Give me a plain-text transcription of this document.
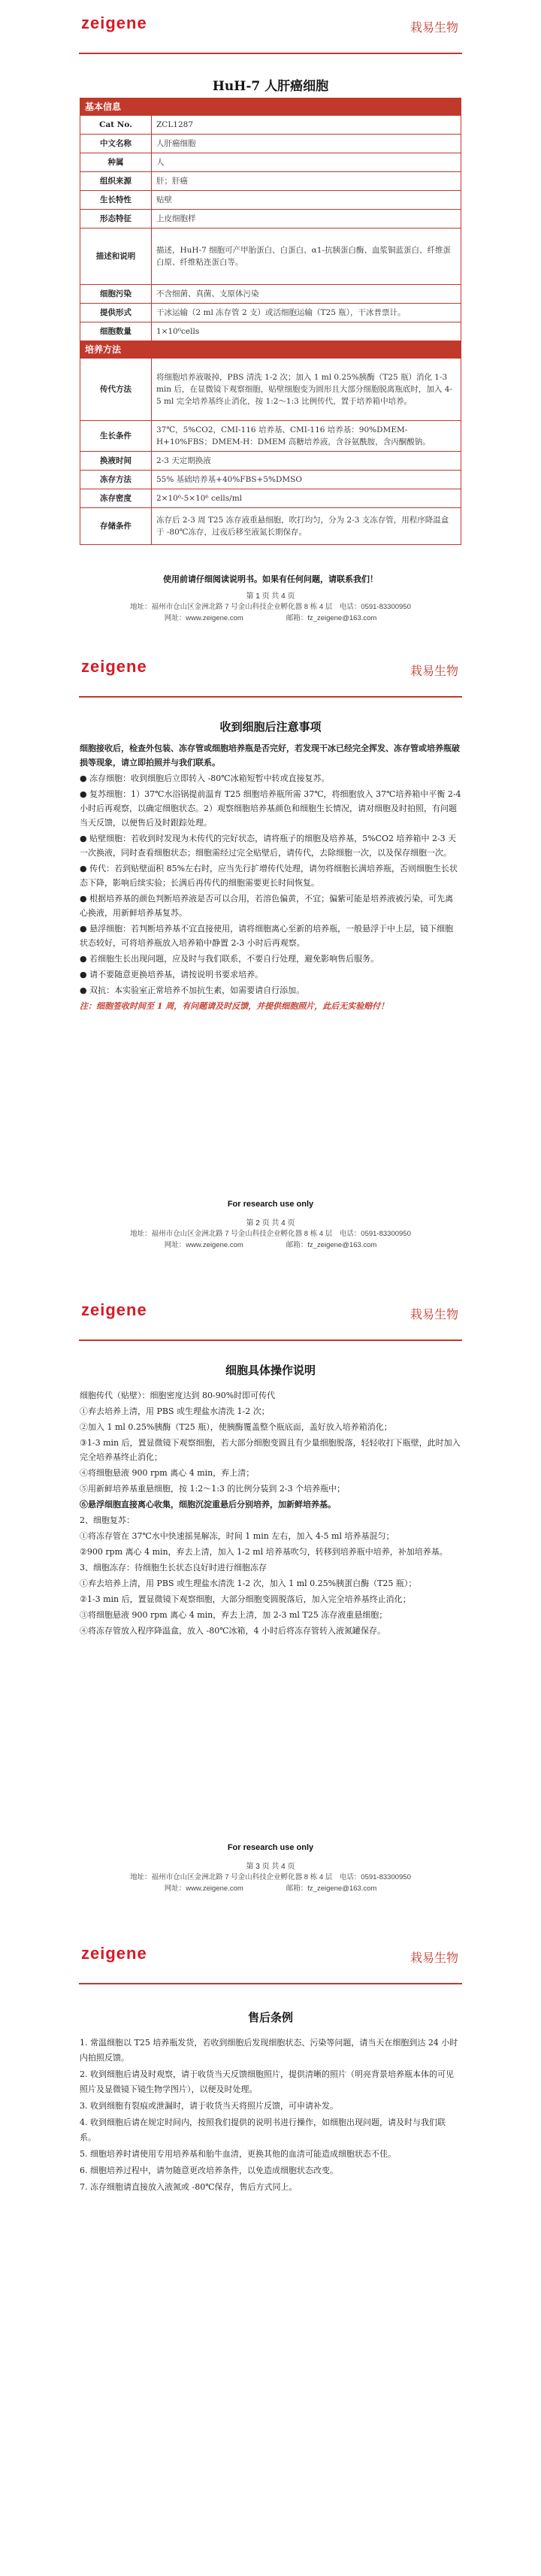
zeigene	栽易生物
HuH-7 人肝癌细胞
基本信息	
Cat No.	ZCL1287
中文名称	人肝癌细胞
种属	人
组织来源	肝；肝癌
生长特性	贴壁
形态特征	上皮细胞样
描述和说明	描述，HuH-7 细胞可产甲胎蛋白、白蛋白、α1-抗胰蛋白酶、血浆铜蓝蛋白、纤维蛋白原、纤维粘连蛋白等。
细胞污染	不含细菌、真菌、支原体污染
提供形式	干冰运输（2 ml 冻存管 2 支）或活细胞运输（T25 瓶），干冰普票计。
细胞数量	1×10⁶cells
培养方法	
传代方法	将细胞培养液吸掉，PBS 清洗 1-2 次；加入 1 ml 0.25%胰酶（T25 瓶）消化 1-3 min 后，在显微镜下观察细胞，贴壁细胞变为圆形且大部分细胞脱离瓶底时，加入 4-5 ml 完全培养基终止消化，按 1:2～1:3 比例传代，置于培养箱中培养。
生长条件	37℃，5%CO2，CMI-116 培养基、CMI-116 培养基：90%DMEM-H+10%FBS；DMEM-H：DMEM 高糖培养液，含谷氨酰胺，含丙酮酸钠。
换液时间	2-3 天定期换液
冻存方法	55% 基础培养基+40%FBS+5%DMSO
冻存密度	2×10⁶-5×10⁶ cells/ml
存储条件	冻存后 2-3 周 T25 冻存液重悬细胞，吹打均匀，分为 2-3 支冻存管，用程序降温盒于 -80℃冻存，过夜后移至液氮长期保存。
使用前请仔细阅读说明书。如果有任何问题，请联系我们！
第 1 页 共 4 页
地址：福州市仓山区金洲北路 7 号金山科技企业孵化器 8 栋 4 层　电话：0591-83300950
网址：www.zeigene.com　　　　　　邮箱：fz_zeigene@163.com
zeigene	栽易生物
收到细胞后注意事项

细胞接收后，检查外包装、冻存管或细胞培养瓶是否完好，若发现干冰已经完全挥发、冻存管或培养瓶破损等现象，请立即拍照并与我们联系。

● 冻存细胞：收到细胞后立即转入 -80℃冰箱短暂中转或直接复苏。

● 复苏细胞：1）37℃水浴锅提前温育 T25 细胞培养瓶所需 37℃，将细胞放入 37℃培养箱中平衡 2-4 小时后再观察，以确定细胞状态。2）观察细胞培养基颜色和细胞生长情况，请对细胞及时拍照，有问题当天反馈，以便售后及时跟踪处理。

● 贴壁细胞：若收到时发现为未传代的完好状态，请将瓶子的细胞及培养基，5%CO2 培养箱中 2-3 天一次换液，同时查看细胞状态；细胞需经过完全贴壁后，请传代，去除细胞一次，以及保存细胞一次。

● 传代：若到贴壁面积 85%左右时，应当先行扩增传代处理，请勿将细胞长满培养瓶，否则细胞生长状态下降，影响后续实验；长满后再传代的细胞需要更长时间恢复。

● 根据培养基的颜色判断培养液是否可以合用，若溶色偏黄，不宜；偏紫可能是培养液被污染，可先离心换液，用新鲜培养基复苏。

● 悬浮细胞：若判断培养基不宜直接使用，请将细胞离心至新的培养瓶，一般悬浮于中上层，镜下细胞状态较好，可将培养瓶放入培养箱中静置 2-3 小时后再观察。

● 若细胞生长出现问题，应及时与我们联系，不要自行处理，避免影响售后服务。

● 请不要随意更换培养基，请按说明书要求培养。

● 双抗：本实验室正常培养不加抗生素，如需要请自行添加。

注：细胞签收时间至 1 周，有问题请及时反馈，并提供细胞照片，此后无实验赔付！

For research use only
第 2 页 共 4 页
地址：福州市仓山区金洲北路 7 号金山科技企业孵化器 8 栋 4 层　电话：0591-83300950
网址：www.zeigene.com　　　　　　邮箱：fz_zeigene@163.com
zeigene	栽易生物
细胞具体操作说明

细胞传代（贴壁）：细胞密度达到 80-90%时即可传代

①弃去培养上清，用 PBS 或生理盐水清洗 1-2 次；

②加入 1 ml 0.25%胰酶（T25 瓶），使胰酶覆盖整个瓶底面，盖好放入培养箱消化；

③1-3 min 后，置显微镜下观察细胞，若大部分细胞变圆且有少量细胞脱落，轻轻收打下瓶壁，此时加入完全培养基终止消化；

④将细胞悬液 900 rpm 离心 4 min，弃上清；

⑤用新鲜培养基重悬细胞，按 1:2～1:3 的比例分装到 2-3 个培养瓶中；

⑥悬浮细胞直接离心收集，细胞沉淀重悬后分别培养，加新鲜培养基。

2、细胞复苏：

①将冻存管在 37℃水中快速摇晃解冻，时间 1 min 左右，加入 4-5 ml 培养基混匀；

②900 rpm 离心 4 min，弃去上清，加入 1-2 ml 培养基吹匀，转移到培养瓶中培养，补加培养基。

3、细胞冻存：待细胞生长状态良好时进行细胞冻存

①弃去培养上清，用 PBS 或生理盐水清洗 1-2 次，加入 1 ml 0.25%胰蛋白酶（T25 瓶）；

②1-3 min 后，置显微镜下观察细胞，大部分细胞变圆脱落后，加入完全培养基终止消化；

③将细胞悬液 900 rpm 离心 4 min，弃去上清，加 2-3 ml T25 冻存液重悬细胞；

④将冻存管放入程序降温盒，放入 -80℃冰箱，4 小时后将冻存管转入液氮罐保存。

For research use only
第 3 页 共 4 页
地址：福州市仓山区金洲北路 7 号金山科技企业孵化器 8 栋 4 层　电话：0591-83300950
网址：www.zeigene.com　　　　　　邮箱：fz_zeigene@163.com
zeigene	栽易生物
售后条例

1. 常温细胞以 T25 培养瓶发货，若收到细胞后发现细胞状态、污染等问题，请当天在细胞到达 24 小时内拍照反馈。

2. 收到细胞后请及时观察，请于收货当天反馈细胞照片，提供清晰的照片（明亮背景培养瓶本体的可见照片及显微镜下镜生物学图片），以便及时处理。

3. 收到细胞有裂痕或泄漏时，请于收货当天将照片反馈，可申请补发。

4. 收到细胞后请在规定时间内，按照我们提供的说明书进行操作，如细胞出现问题，请及时与我们联系。

5. 细胞培养时请使用专用培养基和胎牛血清，更换其他的血清可能造成细胞状态不佳。

6. 细胞培养过程中，请勿随意更改培养条件，以免造成细胞状态改变。

7. 冻存细胞请直接放入液氮或 -80℃保存，售后方式同上。
